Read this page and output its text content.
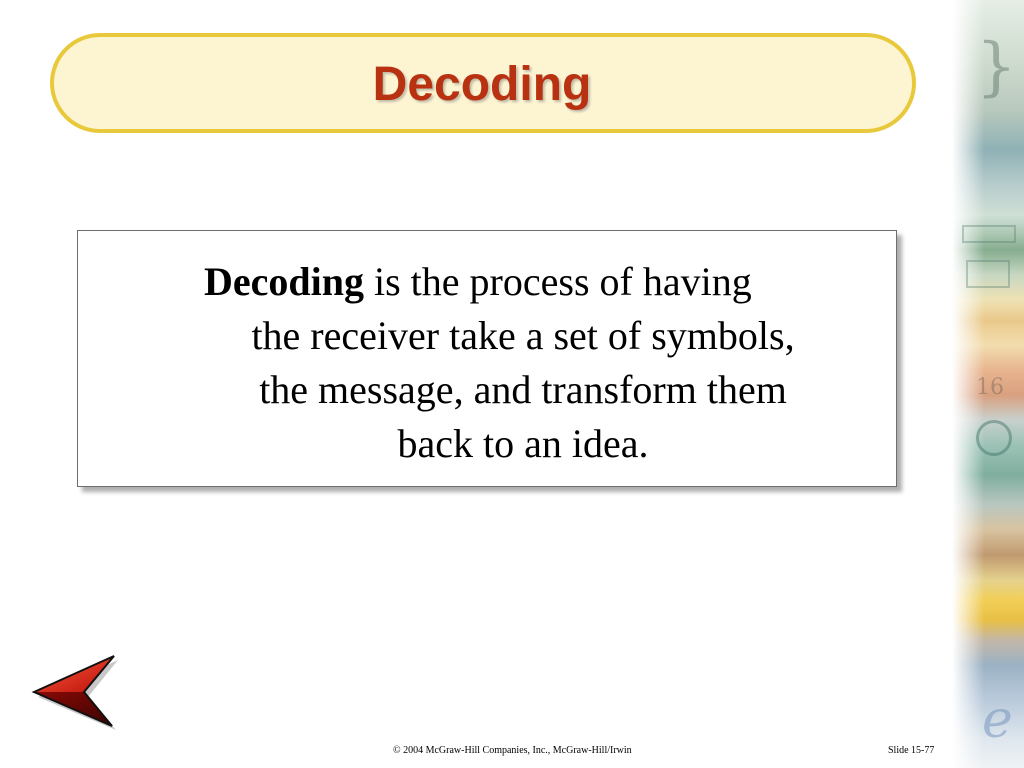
}
16
e
Decoding

Decoding is the process of having
the receiver take a set of symbols,
the message, and transform them
back to an idea.

© 2004 McGraw-Hill Companies, Inc., McGraw-Hill/Irwin	Slide 15-77
